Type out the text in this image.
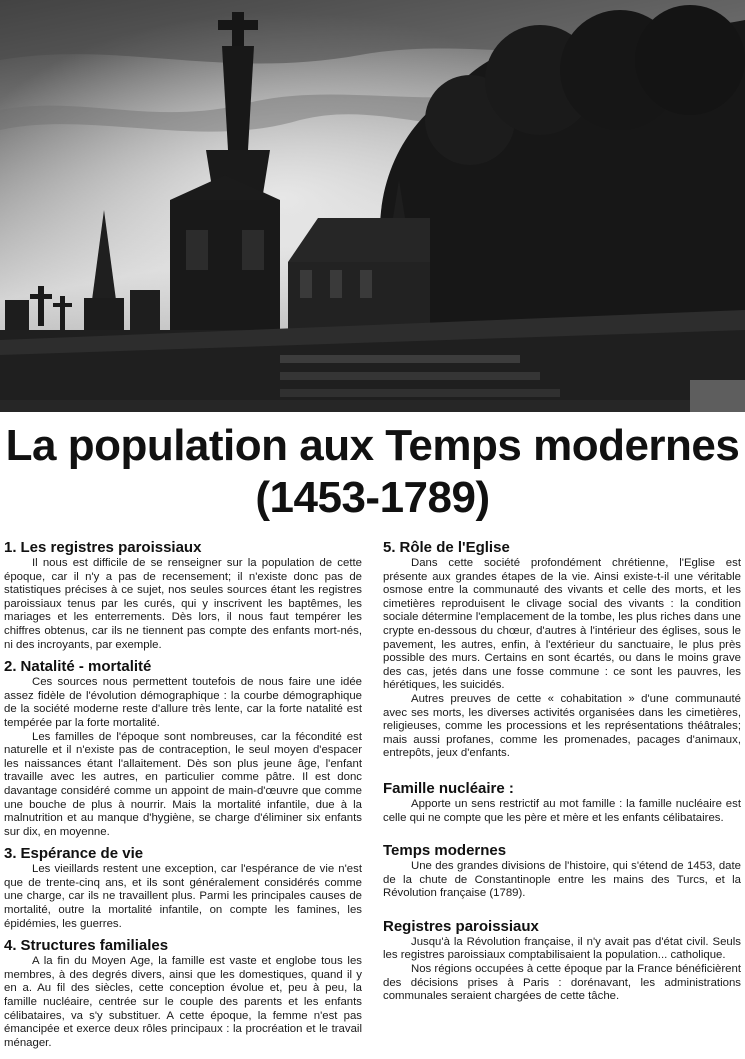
La population aux Temps modernes
(1453-1789)
1. Les registres paroissiaux

Il nous est difficile de se renseigner sur la population de cette époque, car il n'y a pas de recensement; il n'existe donc pas de statistiques précises à ce sujet, nos seules sources étant les registres paroissiaux tenus par les curés, qui y inscrivent les baptêmes, les mariages et les enterrements. Dès lors, il nous faut tempérer les chiffres obtenus, car ils ne tiennent pas compte des enfants mort-nés, ni des incroyants, par exemple.

2. Natalité - mortalité

Ces sources nous permettent toutefois de nous faire une idée assez fidèle de l'évolution démographique : la courbe démographique de la société moderne reste d'allure très lente, car la forte natalité est tempérée par la forte mortalité.

Les familles de l'époque sont nombreuses, car la fécondité est naturelle et il n'existe pas de contraception, le seul moyen d'espacer les naissances étant l'allaitement. Dès son plus jeune âge, l'enfant travaille avec les autres, en particulier comme pâtre. Il est donc davantage considéré comme un appoint de main-d'œuvre que comme une bouche de plus à nourrir. Mais la mortalité infantile, due à la malnutrition et au manque d'hygiène, se charge d'éliminer six enfants sur dix, en moyenne.

3. Espérance de vie

Les vieillards restent une exception, car l'espérance de vie n'est que de trente-cinq ans, et ils sont généralement considérés comme une charge, car ils ne travaillent plus. Parmi les principales causes de mortalité, outre la mortalité infantile, on compte les famines, les épidémies, les guerres.

4. Structures familiales

A la fin du Moyen Age, la famille est vaste et englobe tous les membres, à des degrés divers, ainsi que les domestiques, quand il y en a. Au fil des siècles, cette conception évolue et, peu à peu, la famille nucléaire, centrée sur le couple des parents et les enfants célibataires, va s'y substituer. A cette époque, la femme n'est pas émancipée et exerce deux rôles principaux : la procréation et le travail ménager.

5. Rôle de l'Eglise

Dans cette société profondément chrétienne, l'Eglise est présente aux grandes étapes de la vie. Ainsi existe-t-il une véritable osmose entre la communauté des vivants et celle des morts, et les cimetières reproduisent le clivage social des vivants : la condition sociale détermine l'emplacement de la tombe, les plus riches dans une crypte en-dessous du chœur, d'autres à l'intérieur des églises, sous le pavement, les autres, enfin, à l'extérieur du sanctuaire, le plus près possible des murs. Certains en sont écartés, ou dans le moins grave des cas, jetés dans une fosse commune : ce sont les pauvres, les hérétiques, les suicidés.

Autres preuves de cette « cohabitation » d'une communauté avec ses morts, les diverses activités organisées dans les cimetières, religieuses, comme les processions et les représentations théâtrales; mais aussi profanes, comme les promenades, pacages d'animaux, entrepôts, jeux d'enfants.

Famille nucléaire :

Apporte un sens restrictif au mot famille : la famille nucléaire est celle qui ne compte que les père et mère et les enfants célibataires.

Temps modernes

Une des grandes divisions de l'histoire, qui s'étend de 1453, date de la chute de Constantinople entre les mains des Turcs, et la Révolution française (1789).

Registres paroissiaux

Jusqu'à la Révolution française, il n'y avait pas d'état civil. Seuls les registres paroissiaux comptabilisaient la population... catholique.

Nos régions occupées à cette époque par la France bénéficièrent des décisions prises à Paris : dorénavant, les administrations communales seraient chargées de cette tâche.
